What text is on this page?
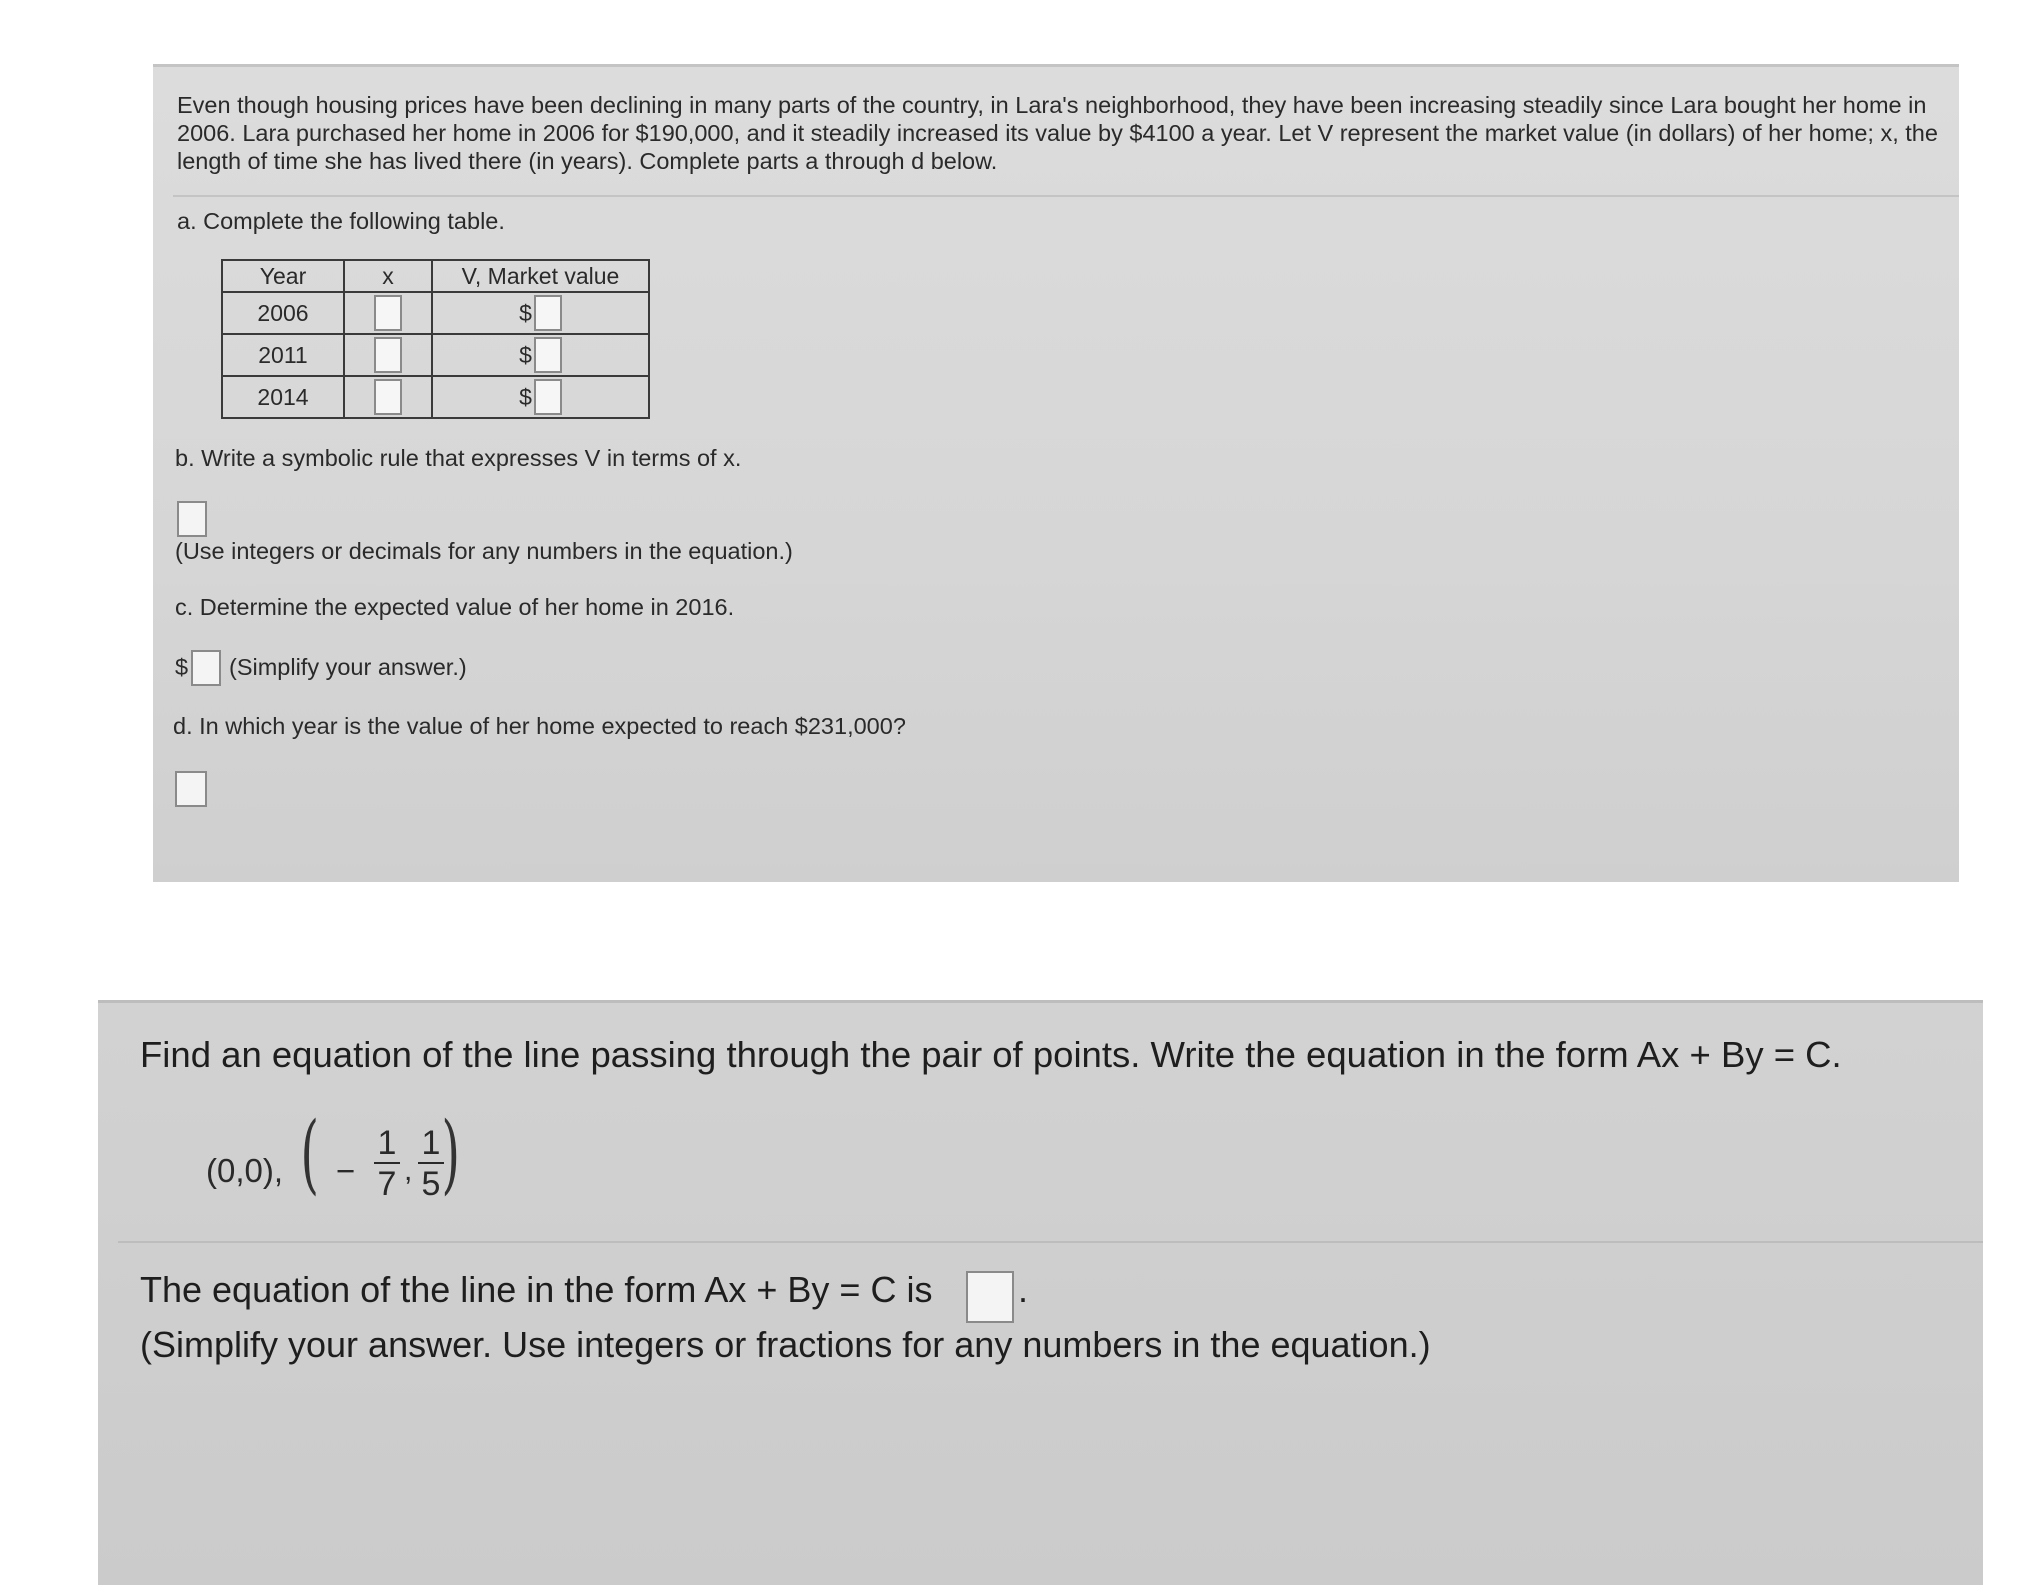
Even though housing prices have been declining in many parts of the country, in Lara's neighborhood, they have been increasing steadily since Lara bought her home in 2006. Lara purchased her home in 2006 for $190,000, and it steadily increased its value by $4100 a year. Let V represent the market value (in dollars) of her home; x, the length of time she has lived there (in years). Complete parts a through d below.
a. Complete the following table.
Year	x	V, Market value
2006		$
2011		$
2014		$
b. Write a symbolic rule that expresses V in terms of x.
(Use integers or decimals for any numbers in the equation.)
c. Determine the expected value of her home in 2016.
$ (Simplify your answer.)
d. In which year is the value of her home expected to reach $231,000?
Find an equation of the line passing through the pair of points. Write the equation in the form Ax + By = C.
(0,0), ( −
1
7 ,
1
5 )
The equation of the line in the form Ax + By = C is .
(Simplify your answer. Use integers or fractions for any numbers in the equation.)
